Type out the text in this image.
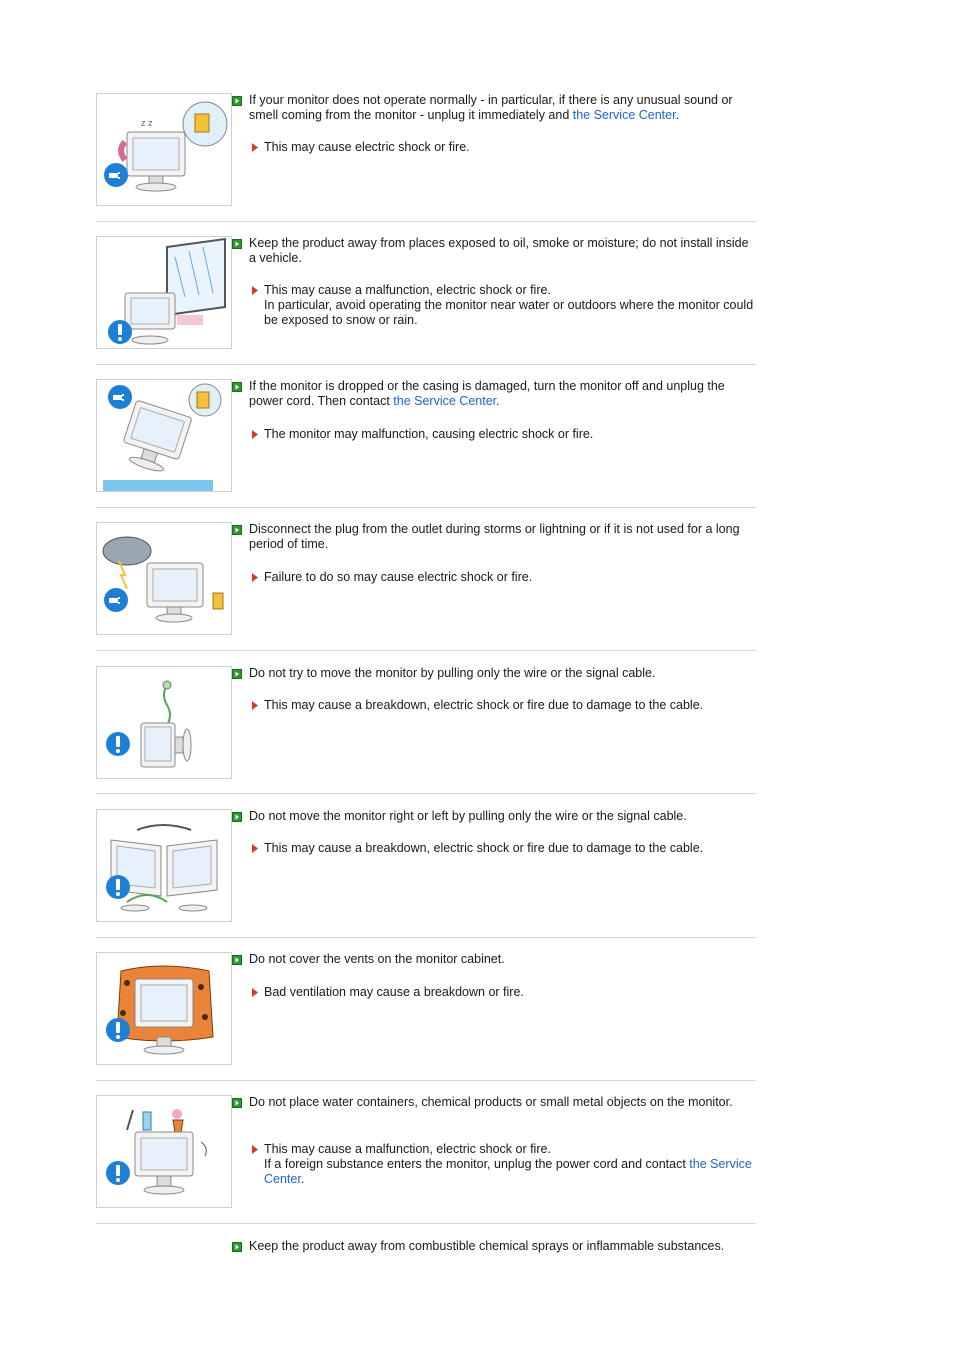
z z
If your monitor does not operate normally - in particular, if there is any unusual sound or smell coming from the monitor - unplug it immediately and the Service Center.
This may cause electric shock or fire.
Keep the product away from places exposed to oil, smoke or moisture; do not install inside a vehicle.
This may cause a malfunction, electric shock or fire.
In particular, avoid operating the monitor near water or outdoors where the monitor could be exposed to snow or rain.
If the monitor is dropped or the casing is damaged, turn the monitor off and unplug the power cord. Then contact the Service Center.
The monitor may malfunction, causing electric shock or fire.
Disconnect the plug from the outlet during storms or lightning or if it is not used for a long period of time.
Failure to do so may cause electric shock or fire.
Do not try to move the monitor by pulling only the wire or the signal cable.
This may cause a breakdown, electric shock or fire due to damage to the cable.
Do not move the monitor right or left by pulling only the wire or the signal cable.
This may cause a breakdown, electric shock or fire due to damage to the cable.
Do not cover the vents on the monitor cabinet.
Bad ventilation may cause a breakdown or fire.
Do not place water containers, chemical products or small metal objects on the monitor.
This may cause a malfunction, electric shock or fire.
If a foreign substance enters the monitor, unplug the power cord and contact the Service Center.
Keep the product away from combustible chemical sprays or inflammable substances.
